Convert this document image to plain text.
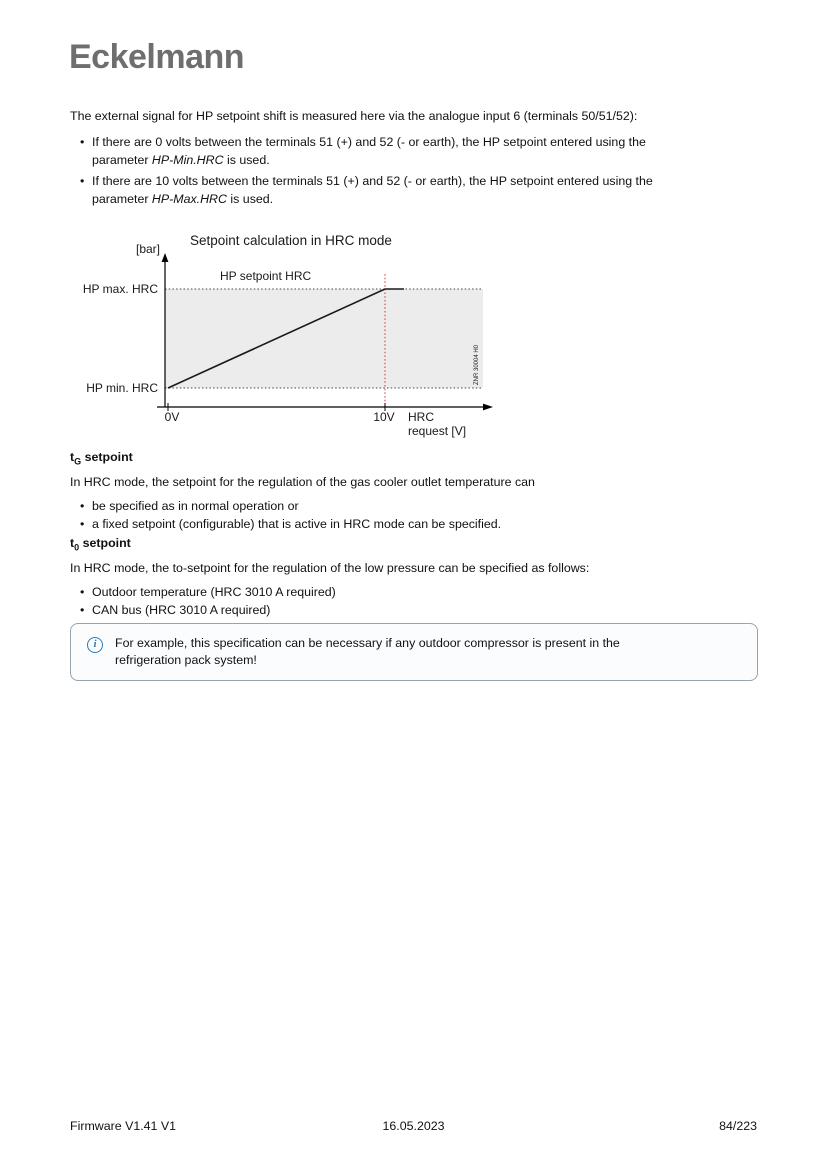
Eckelmann

The external signal for HP setpoint shift is measured here via the analogue input 6 (terminals 50/51/52):

• If there are 0 volts between the terminals 51 (+) and 52 (- or earth), the HP setpoint entered using the parameter HP-Min.HRC is used.
• If there are 10 volts between the terminals 51 (+) and 52 (- or earth), the HP setpoint entered using the parameter HP-Max.HRC is used.
Setpoint calculation in HRC mode
[bar]
HP setpoint HRC
HP max. HRC
HP min. HRC
0V	10V HRC
request [V]
ZNR 30004 H0
$t_G$ setpoint

In HRC mode, the setpoint for the regulation of the gas cooler outlet temperature can

• be specified as in normal operation or
• a fixed setpoint (configurable) that is active in HRC mode can be specified.
$t_0$ setpoint

In HRC mode, the to-setpoint for the regulation of the low pressure can be specified as follows:

• Outdoor temperature (HRC 3010 A required)
• CAN bus (HRC 3010 A required)
i	For example, this specification can be necessary if any outdoor compressor is present in the refrigeration pack system!

Firmware V1.41 V1	16.05.2023	84/223
